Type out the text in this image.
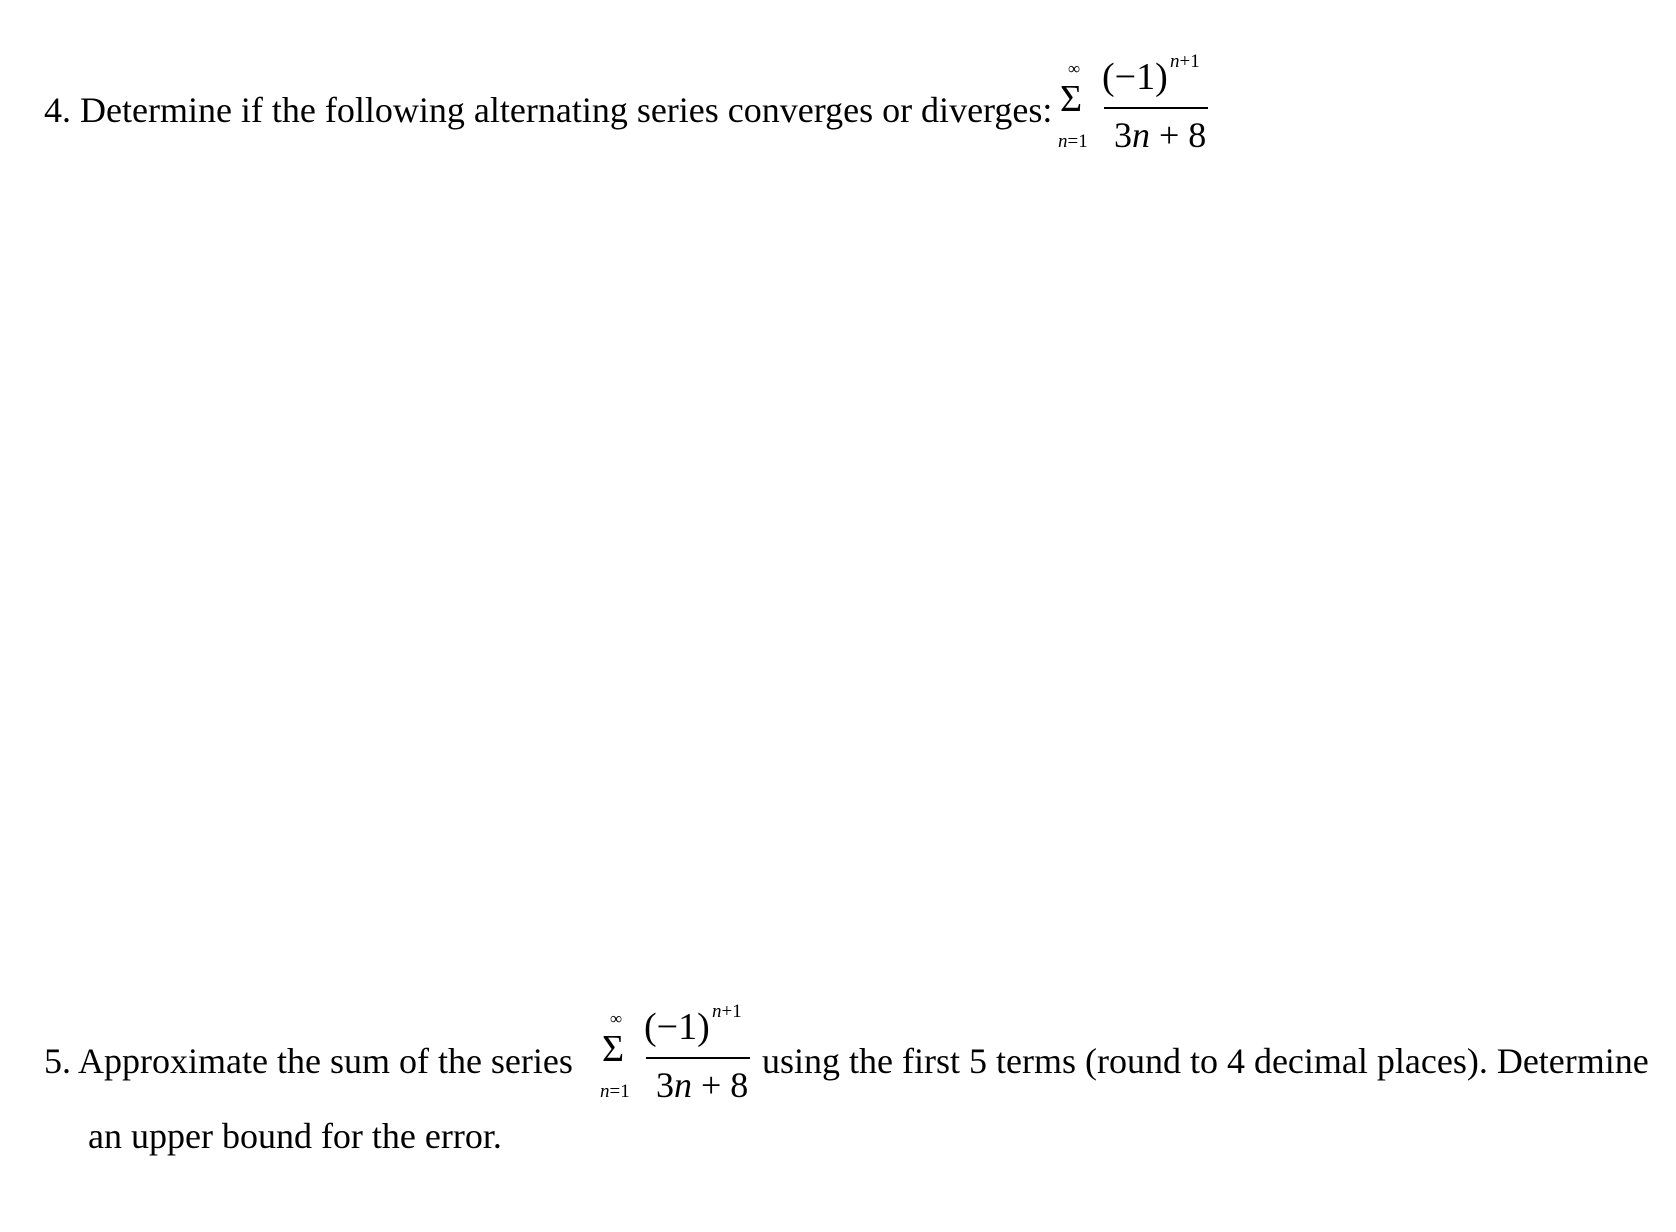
4. Determine if the following alternating series converges or diverges:
∞
Σ
n=1
(−1) n+1
3n + 8
5. Approximate the sum of the series
∞
Σ
n=1
(−1) n+1
3n + 8
using the first 5 terms (round to 4 decimal places). Determine
an upper bound for the error.
